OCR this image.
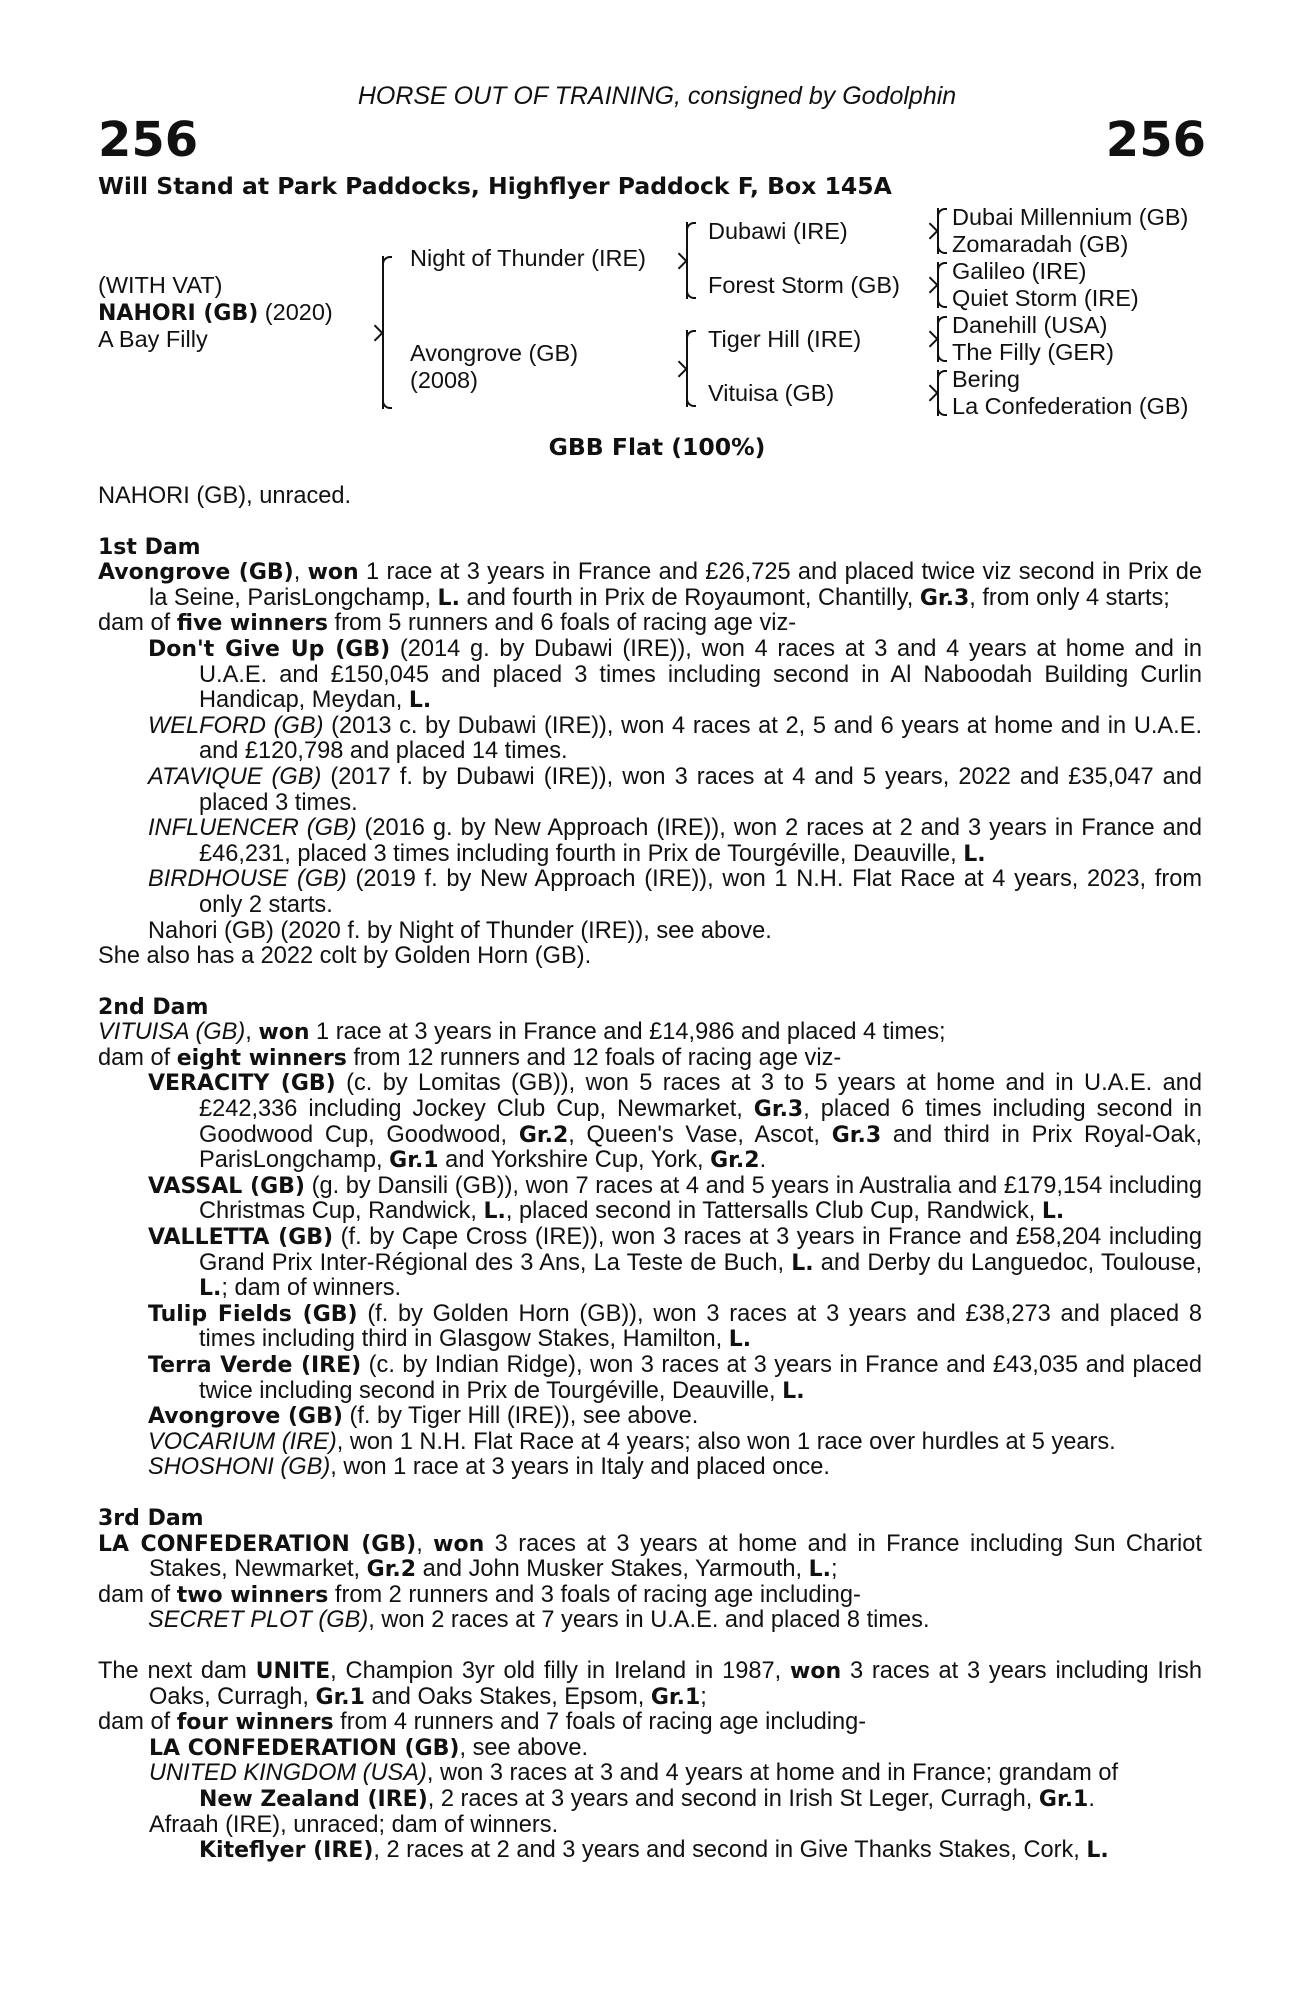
HORSE OUT OF TRAINING, consigned by Godolphin
256	256
Will Stand at Park Paddocks, Highflyer Paddock F, Box 145A
(WITH VAT)
NAHORI (GB) (2020)
A Bay Filly
Night of Thunder (IRE)
Avongrove (GB)
(2008)
Dubawi (IRE)
Forest Storm (GB)
Tiger Hill (IRE)
Vituisa (GB)
Dubai Millennium (GB)
Zomaradah (GB)
Galileo (IRE)
Quiet Storm (IRE)
Danehill (USA)
The Filly (GER)
Bering
La Confederation (GB)
GBB Flat (100%)

NAHORI (GB), unraced.

1st Dam

Avongrove (GB), won 1 race at 3 years in France and £26,725 and placed twice viz second in Prix de la Seine, ParisLongchamp, L. and fourth in Prix de Royaumont, Chantilly, Gr.3, from only 4 starts;

dam of five winners from 5 runners and 6 foals of racing age viz-

Don't Give Up (GB) (2014 g. by Dubawi (IRE)), won 4 races at 3 and 4 years at home and in U.A.E. and £150,045 and placed 3 times including second in Al Naboodah Building Curlin Handicap, Meydan, L.

WELFORD (GB) (2013 c. by Dubawi (IRE)), won 4 races at 2, 5 and 6 years at home and in U.A.E. and £120,798 and placed 14 times.

ATAVIQUE (GB) (2017 f. by Dubawi (IRE)), won 3 races at 4 and 5 years, 2022 and £35,047 and placed 3 times.

INFLUENCER (GB) (2016 g. by New Approach (IRE)), won 2 races at 2 and 3 years in France and £46,231, placed 3 times including fourth in Prix de Tourgéville, Deauville, L.

BIRDHOUSE (GB) (2019 f. by New Approach (IRE)), won 1 N.H. Flat Race at 4 years, 2023, from only 2 starts.

Nahori (GB) (2020 f. by Night of Thunder (IRE)), see above.

She also has a 2022 colt by Golden Horn (GB).

2nd Dam

VITUISA (GB), won 1 race at 3 years in France and £14,986 and placed 4 times;

dam of eight winners from 12 runners and 12 foals of racing age viz-

VERACITY (GB) (c. by Lomitas (GB)), won 5 races at 3 to 5 years at home and in U.A.E. and £242,336 including Jockey Club Cup, Newmarket, Gr.3, placed 6 times including second in Goodwood Cup, Goodwood, Gr.2, Queen's Vase, Ascot, Gr.3 and third in Prix Royal-Oak, ParisLongchamp, Gr.1 and Yorkshire Cup, York, Gr.2.

VASSAL (GB) (g. by Dansili (GB)), won 7 races at 4 and 5 years in Australia and £179,154 including Christmas Cup, Randwick, L., placed second in Tattersalls Club Cup, Randwick, L.

VALLETTA (GB) (f. by Cape Cross (IRE)), won 3 races at 3 years in France and £58,204 including Grand Prix Inter-Régional des 3 Ans, La Teste de Buch, L. and Derby du Languedoc, Toulouse, L.; dam of winners.

Tulip Fields (GB) (f. by Golden Horn (GB)), won 3 races at 3 years and £38,273 and placed 8 times including third in Glasgow Stakes, Hamilton, L.

Terra Verde (IRE) (c. by Indian Ridge), won 3 races at 3 years in France and £43,035 and placed twice including second in Prix de Tourgéville, Deauville, L.

Avongrove (GB) (f. by Tiger Hill (IRE)), see above.

VOCARIUM (IRE), won 1 N.H. Flat Race at 4 years; also won 1 race over hurdles at 5 years.

SHOSHONI (GB), won 1 race at 3 years in Italy and placed once.

3rd Dam

LA CONFEDERATION (GB), won 3 races at 3 years at home and in France including Sun Chariot Stakes, Newmarket, Gr.2 and John Musker Stakes, Yarmouth, L.;

dam of two winners from 2 runners and 3 foals of racing age including-

SECRET PLOT (GB), won 2 races at 7 years in U.A.E. and placed 8 times.

The next dam UNITE, Champion 3yr old filly in Ireland in 1987, won 3 races at 3 years including Irish Oaks, Curragh, Gr.1 and Oaks Stakes, Epsom, Gr.1;

dam of four winners from 4 runners and 7 foals of racing age including-

LA CONFEDERATION (GB), see above.

UNITED KINGDOM (USA), won 3 races at 3 and 4 years at home and in France; grandam of

New Zealand (IRE), 2 races at 3 years and second in Irish St Leger, Curragh, Gr.1.

Afraah (IRE), unraced; dam of winners.

Kiteflyer (IRE), 2 races at 2 and 3 years and second in Give Thanks Stakes, Cork, L.
